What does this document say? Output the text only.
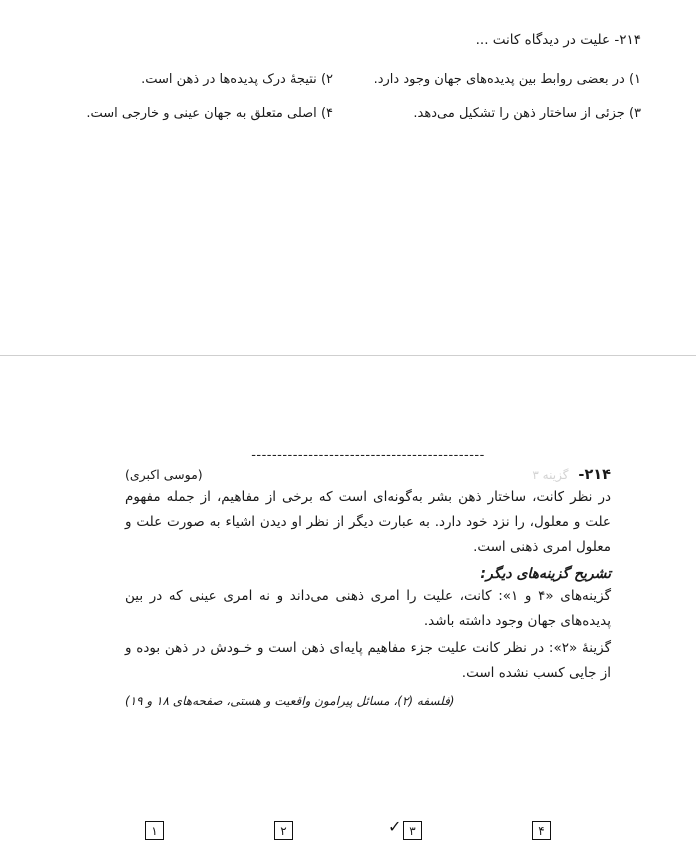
۲۱۴- علیت در دیدگاه کانت ...
۱) در بعضی روابط بین پدیده‌های جهان وجود دارد.
۲) نتیجهٔ درک پدیده‌ها در ذهن است.
۳) جزئی از ساختار ذهن را تشکیل می‌دهد.
۴) اصلی متعلق به جهان عینی و خارجی است.
---------------------------------------------
۲۱۴-
گزینه ۳
(موسی اکبری)
در نظر کانت، ساختار ذهن بشر به‌گونه‌ای است که برخی از مفاهیم، از جمله مفهوم علت و معلول، را نزد خود دارد. به عبارت دیگر از نظر او دیدن اشیاء به صورت علت و معلول امری ذهنی است.
تشریح گزینه‌های دیگر:
گزینه‌های «۴ و ۱»: کانت، علیت را امری ذهنی می‌داند و نه امری عینی که در بین پدیده‌های جهان وجود داشته باشد.
گزینهٔ «۲»: در نظر کانت علیت جزء مفاهیم پایه‌ای ذهن است و خـودش در ذهن بوده و از جایی کسب نشده است.
(فلسفه (۲)، مسائل پیرامون واقعیت و هستی، صفحه‌های ۱۸ و ۱۹)
۱	۲	۳
✓	۴
